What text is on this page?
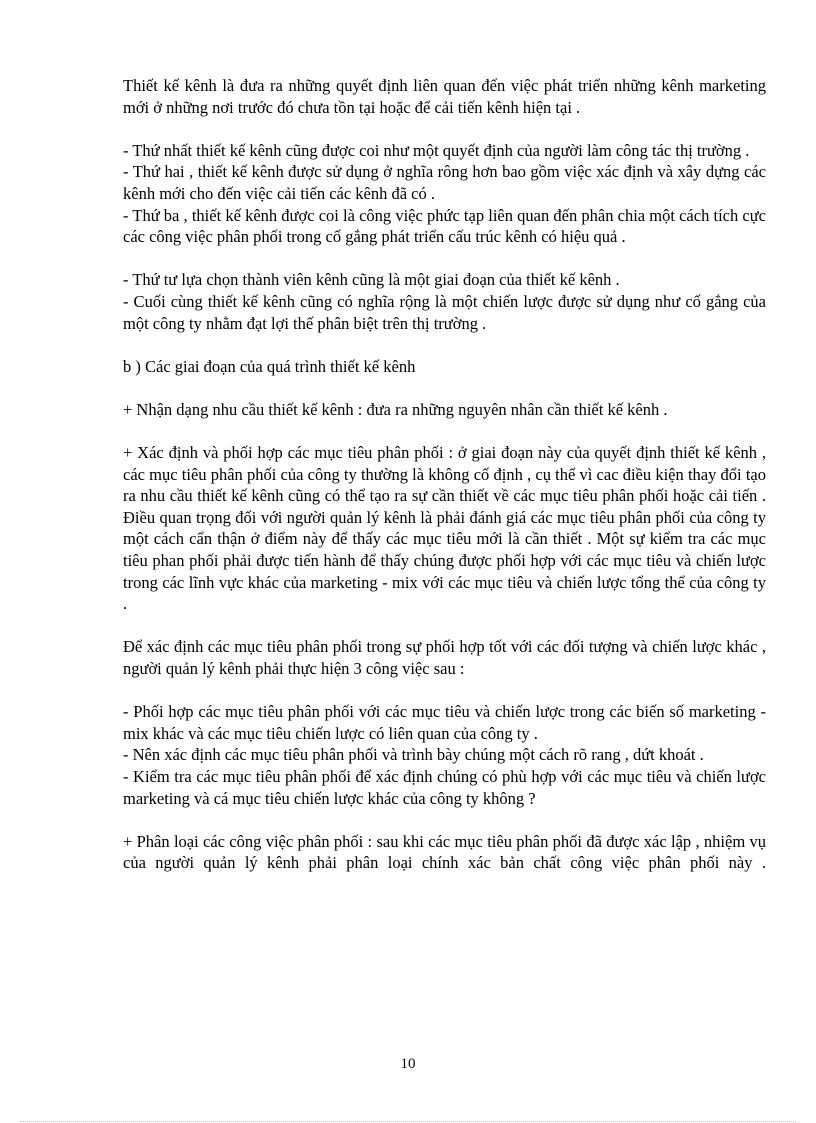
Thiết kế kênh là đưa ra những quyết định liên quan đến việc phát triển những kênh marketing mới ở những nơi trước đó chưa tồn tại hoặc để cải tiến kênh hiện tại .

- Thứ nhất thiết kế kênh cũng được coi như một quyết định của người làm công tác thị trường .

- Thứ hai , thiết kế kênh được sử dụng ở nghĩa rông hơn bao gồm việc xác định và xây dựng các kênh mới cho đến việc cải tiến các kênh đã có .

- Thứ ba , thiết kế kênh được coi là công việc phức tạp liên quan đến phân chia một cách tích cực các công việc phân phối trong cố gắng phát triển cấu trúc kênh có hiệu quả .

- Thứ tư lựa chọn thành viên kênh cũng là một giai đoạn của thiết kế kênh .

- Cuối cùng thiết kế kênh cũng có nghĩa rộng là một chiến lược được sử dụng như cố gắng của một công ty nhằm đạt lợi thế phân biệt trên thị trường .

b ) Các giai đoạn của quá trình thiết kế kênh

+ Nhận dạng nhu cầu thiết kế kênh : đưa ra những nguyên nhân cần thiết kế kênh .

+ Xác định và phối hợp các mục tiêu phân phối : ở giai đoạn này của quyết định thiết kế kênh , các mục tiêu phân phối của công ty thường là không cố định , cụ thể vì cac điều kiện thay đổi tạo ra nhu cầu thiết kế kênh cũng có thể tạo ra sự cần thiết về các mục tiêu phân phối hoặc cải tiến . Điều quan trọng đối với người quản lý kênh là phải đánh giá các mục tiêu phân phối của công ty một cách cẩn thận ở điểm này để thấy các mục tiêu mới là cần thiết . Một sự kiểm tra các mục tiêu phan phối phải được tiến hành để thấy chúng được phối hợp với các mục tiêu và chiến lược trong các lĩnh vực khác của marketing - mix với các mục tiêu và chiến lược tổng thể của công ty .

Để xác định các mục tiêu phân phối trong sự phối hợp tốt với các đối tượng và chiến lược khác , người quản lý kênh phải thực hiện 3 công việc sau :

- Phối hợp các mục tiêu phân phối với các mục tiêu và chiến lược trong các biến số marketing - mix khác và các mục tiêu chiến lược có liên quan của công ty .

- Nên xác định các mục tiêu phân phối và trình bày chúng một cách rõ rang , dứt khoát .

- Kiểm tra các mục tiêu phân phối để xác định chúng có phù hợp với các mục tiêu và chiến lược marketing và cá mục tiêu chiến lược khác của công ty không ?

+ Phân loại các công việc phân phối : sau khi các mục tiêu phân phối đã được xác lập , nhiệm vụ của người quản lý kênh phải phân loại chính xác bản chất công việc phân phối này .

10
